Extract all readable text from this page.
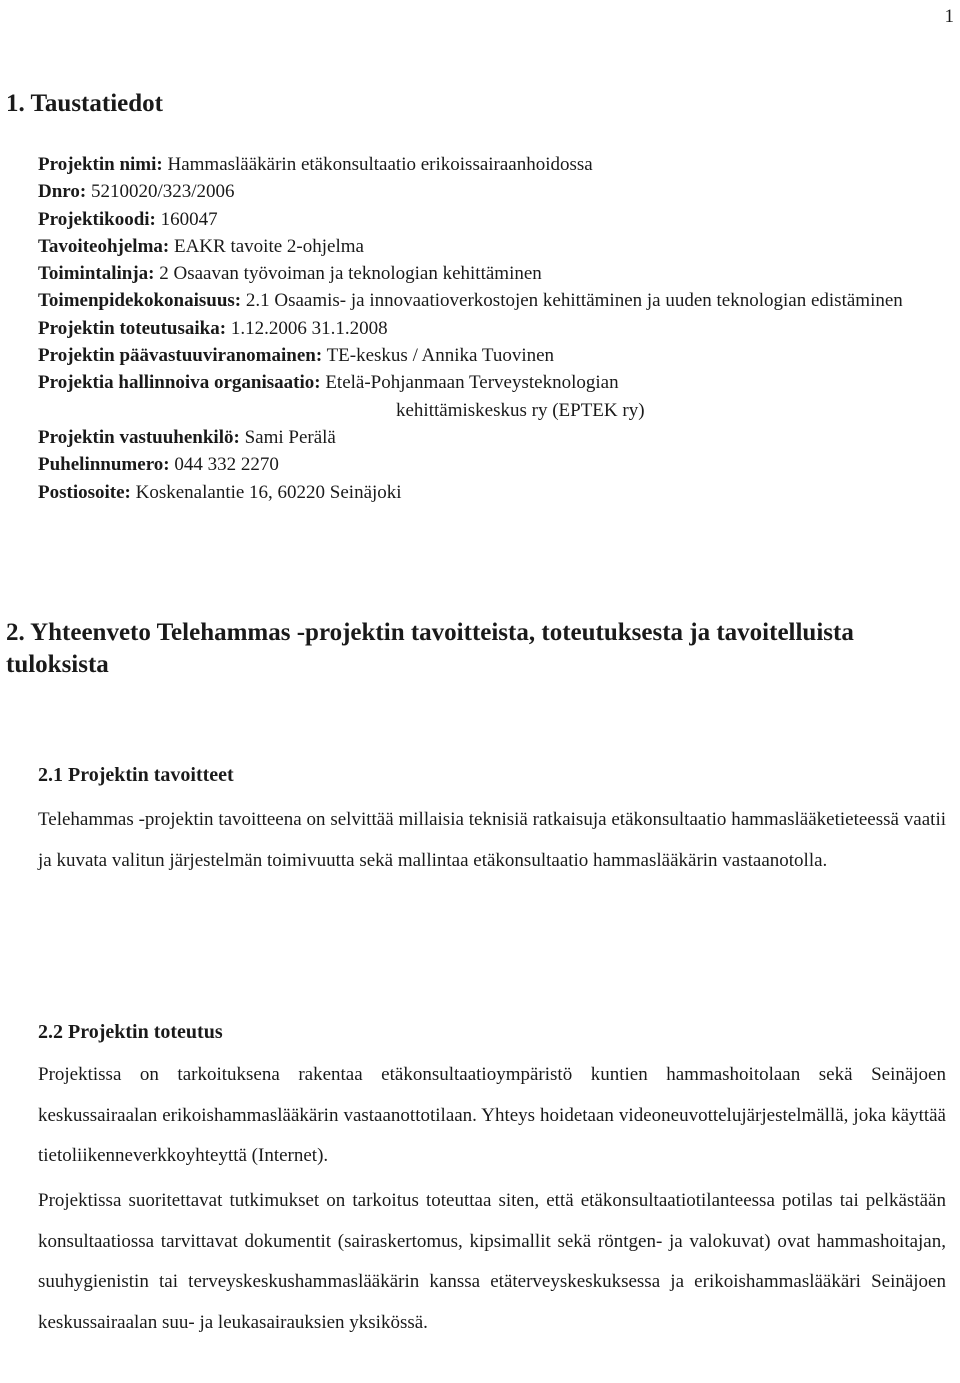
1
1. Taustatiedot

Projektin nimi: Hammaslääkärin etäkonsultaatio erikoissairaanhoidossa

Dnro: 5210020/323/2006

Projektikoodi: 160047

Tavoiteohjelma: EAKR tavoite 2-ohjelma

Toimintalinja: 2 Osaavan työvoiman ja teknologian kehittäminen

Toimenpidekokonaisuus: 2.1 Osaamis- ja innovaatioverkostojen kehittäminen ja uuden teknologian edistäminen

Projektin toteutusaika: 1.12.2006 31.1.2008

Projektin päävastuuviranomainen: TE-keskus / Annika Tuovinen

Projektia hallinnoiva organisaatio: Etelä-Pohjanmaan Terveysteknologian

kehittämiskeskus ry (EPTEK ry)

Projektin vastuuhenkilö: Sami Perälä

Puhelinnumero: 044 332 2270

Postiosoite: Koskenalantie 16, 60220 Seinäjoki

2. Yhteenveto Telehammas -projektin tavoitteista, toteutuksesta ja tavoitelluista tuloksista
2.1 Projektin tavoitteet

Telehammas -projektin tavoitteena on selvittää millaisia teknisiä ratkaisuja etäkonsultaatio hammaslääketieteessä vaatii ja kuvata valitun järjestelmän toimivuutta sekä mallintaa etäkonsultaatio hammaslääkärin vastaanotolla.

2.2 Projektin toteutus

Projektissa on tarkoituksena rakentaa etäkonsultaatioympäristö kuntien hammashoitolaan sekä Seinäjoen keskussairaalan erikoishammaslääkärin vastaanottotilaan. Yhteys hoidetaan videoneuvottelujärjestelmällä, joka käyttää tietoliikenneverkkoyhteyttä (Internet).

Projektissa suoritettavat tutkimukset on tarkoitus toteuttaa siten, että etäkonsultaatiotilanteessa potilas tai pelkästään konsultaatiossa tarvittavat dokumentit (sairaskertomus, kipsimallit sekä röntgen- ja valokuvat) ovat hammashoitajan, suuhygienistin tai terveyskeskushammaslääkärin kanssa etäterveyskeskuksessa ja erikoishammaslääkäri Seinäjoen keskussairaalan suu- ja leukasairauksien yksikössä.
